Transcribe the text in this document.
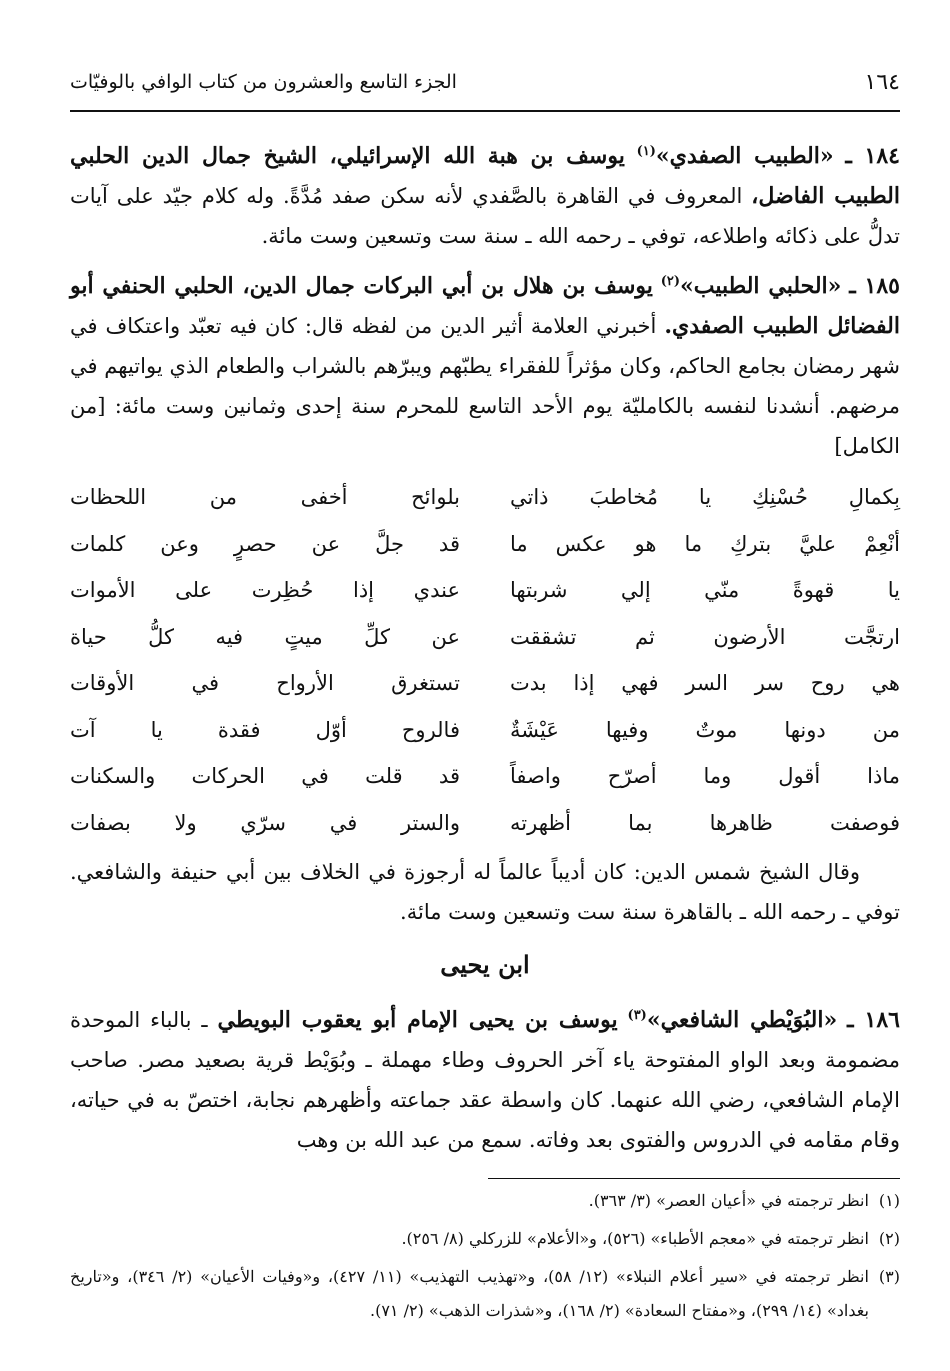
١٦٤
الجزء التاسع والعشرون من كتاب الوافي بالوفيّات

١٨٤ ـ «الطبيب الصفدي»$^{(١)}$ يوسف بن هبة الله الإسرائيلي، الشيخ جمال الدين الحلبي الطبيب الفاضل، المعروف في القاهرة بالصَّفدي لأنه سكن صفد مُدَّةً. وله كلام جيّد على آيات تدلُّ على ذكائه واطلاعه، توفي ـ رحمه الله ـ سنة ست وتسعين وست مائة.

١٨٥ ـ «الحلبي الطبيب»$^{(٢)}$ يوسف بن هلال بن أبي البركات جمال الدين، الحلبي الحنفي أبو الفضائل الطبيب الصفدي. أخبرني العلامة أثير الدين من لفظه قال: كان فيه تعبّد واعتكاف في شهر رمضان بجامع الحاكم، وكان مؤثراً للفقراء يطبّهم ويبرّهم بالشراب والطعام الذي يواتيهم في مرضهم. أنشدنا لنفسه بالكامليّة يوم الأحد التاسع للمحرم سنة إحدى وثمانين وست مائة: [من الكامل]

بِكمالِ حُسْنِكِ يا مُخاطبَ ذاتي
بلوائح أخفى من اللحظات
أنْعِمْ عليَّ بتركِ ما هو عكس ما
قد جلَّ عن حصرٍ وعن كلمات
يا قهوةً منّي إلي شربتها
عندي إذا حُظِرت على الأموات
ارتجَّت الأرضون ثم تشققت
عن كلِّ ميتٍ فيه كلُّ حياة
هي روح سر السر فهي إذا بدت
تستغرق الأرواح في الأوقات
من دونها موتٌ وفيها عَيْشَةٌ
فالروح أوّل فقدة يا آت
ماذا أقول وما أصرّح واصفاً
قد قلت في الحركات والسكنات
فوصفت ظاهرها بما أظهرته
والستر في سرّي ولا بصفات

وقال الشيخ شمس الدين: كان أديباً عالماً له أرجوزة في الخلاف بين أبي حنيفة والشافعي. توفي ـ رحمه الله ـ بالقاهرة سنة ست وتسعين وست مائة.

ابن يحيى

١٨٦ ـ «البُوَيْطي الشافعي»$^{(٣)}$ يوسف بن يحيى الإمام أبو يعقوب البويطي ـ بالباء الموحدة مضمومة وبعد الواو المفتوحة ياء آخر الحروف وطاء مهملة ـ وبُوَيْط قرية بصعيد مصر. صاحب الإمام الشافعي، رضي الله عنهما. كان واسطة عقد جماعته وأظهرهم نجابة، اختصّ به في حياته، وقام مقامه في الدروس والفتوى بعد وفاته. سمع من عبد الله بن وهب

(١)
انظر ترجمته في «أعيان العصر» (٣/ ٣٦٣).
(٢)
انظر ترجمته في «معجم الأطباء» (٥٢٦)، و«الأعلام» للزركلي (٨/ ٢٥٦).
(٣)
انظر ترجمته في «سير أعلام النبلاء» (١٢/ ٥٨)، و«تهذيب التهذيب» (١١/ ٤٢٧)، و«وفيات الأعيان» (٢/ ٣٤٦)، و«تاريخ بغداد» (١٤/ ٢٩٩)، و«مفتاح السعادة» (٢/ ١٦٨)، و«شذرات الذهب» (٢/ ٧١).
